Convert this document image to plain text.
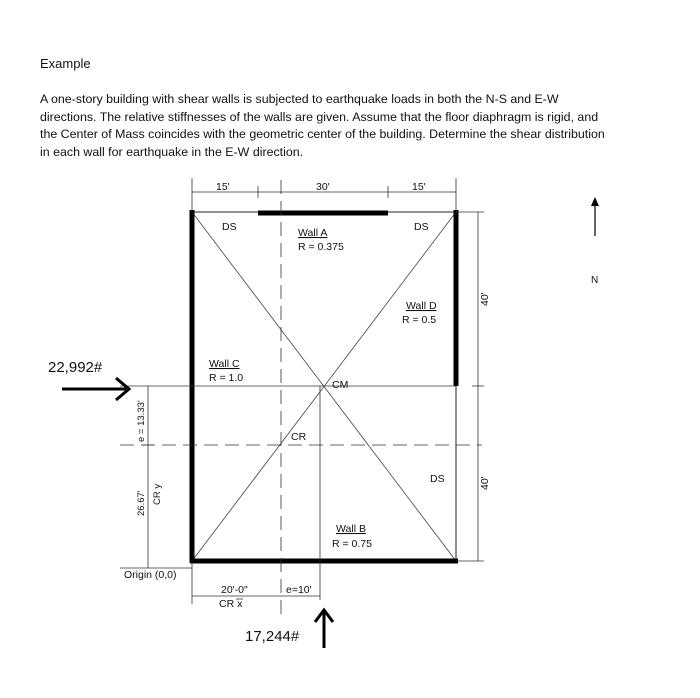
Example
A one-story building with shear walls is subjected to earthquake loads in both the N-S and E-W
directions. The relative stiffnesses of the walls are given. Assume that the floor diaphragm is rigid, and
the Center of Mass coincides with the geometric center of the building. Determine the shear distribution
in each wall for earthquake in the E-W direction.
15'	30'	15'
40'
40'
e = 13.33'
26.67' CR y
Origin (0,0)
20'-0"
CR x
e=10'
DS	DS
DS
Wall A
R = 0.375
Wall C
R = 1.0
Wall D
R = 0.5
Wall B
R = 0.75
CM
CR
22,992#
17,244#
N
